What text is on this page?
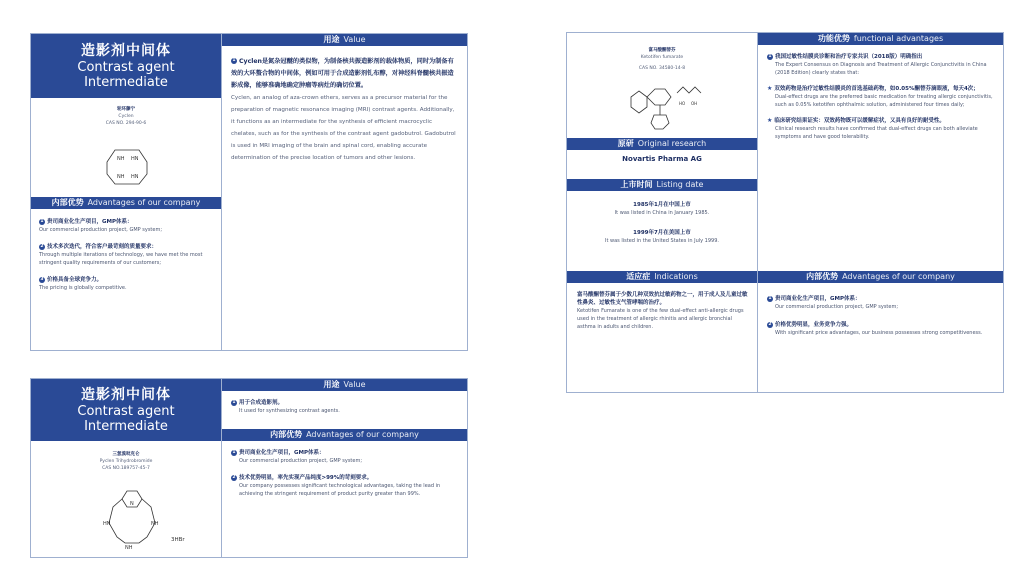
造影剂中间体
Contrast agent
Intermediate
轮环藤宁
Cyclen
CAS NO. 294-90-6
NH HN
NH HN
内部优势 Advantages of our company
1 贵司商业化生产项目，GMP体系：
Our commercial production project, GMP system;
2 技术多次迭代，符合客户最苛刻的质量要求：
Through multiple iterations of technology, we have met the most stringent quality requirements of our customers;
3 价格具备全球竞争力。
The pricing is globally competitive.
用途 Value
1 Cyclen是氮杂冠醚的类似物，为制备核共振造影剂的载体物质，同时为制备有效的大环螯合物的中间体，例如可用于合成造影剂钆布醇，对神经科脊髓核共振造影成像，能够准确地确定肿瘤等病灶的确切位置。
Cyclen, an analog of aza-crown ethers, serves as a precursor material for the preparation of magnetic resonance imaging (MRI) contrast agents. Additionally, it functions as an intermediate for the synthesis of efficient macrocyclic chelates, such as for the synthesis of the contrast agent gadobutrol. Gadobutrol is used in MRI imaging of the brain and spinal cord, enabling accurate determination of the precise location of tumors and other lesions.
造影剂中间体
Contrast agent
Intermediate
三氢溴吡克仑
Pyclen Trihydrobromide
CAS NO.189757-45-7
N
HN	NH
NH
3HBr
用途 Value
1 用于合成造影剂。
It used for synthesizing contrast agents.
内部优势 Advantages of our company
1 贵司商业化生产项目，GMP体系：
Our commercial production project, GMP system;
2 技术优势明显，率先实现产品纯度>99%的苛刻要求。
Our company possesses significant technological advantages, taking the lead in achieving the stringent requirement of product purity greater than 99%.
富马酸酮替芬
Ketotifen fumarate
CAS NO. 34580-14-8
HO OH
原研 Original research
Novartis Pharma AG
上市时间 Listing date
1985年1月在中国上市
It was listed in China in January 1985.
1999年7月在美国上市
It was listed in the United States in July 1999.
功能优势 functional advantages
1 我国过敏性结膜炎诊断和治疗专家共识（2018版）明确指出
The Expert Consensus on Diagnosis and Treatment of Allergic Conjunctivitis in China (2018 Edition) clearly states that:
★ 双效药物是治疗过敏性结膜炎的首选基础药物，如0.05%酮替芬滴眼液，每天4次；
Dual-effect drugs are the preferred basic medication for treating allergic conjunctivitis, such as 0.05% ketotifen ophthalmic solution, administered four times daily;
★ 临床研究结果证实：双效药物既可以缓解症状，又具有良好的耐受性。
Clinical research results have confirmed that dual-effect drugs can both alleviate symptoms and have good tolerability.
适应症 Indications
富马酸酮替芬属于少数几种双效抗过敏药物之一，用于成人及儿童过敏性鼻炎、过敏性支气管哮喘的治疗。
Ketotifen Fumarate is one of the few dual-effect anti-allergic drugs used in the treatment of allergic rhinitis and allergic bronchial asthma in adults and children.
内部优势 Advantages of our company
1 贵司商业化生产项目，GMP体系：
Our commercial production project, GMP system;
2 价格优势明显，业务竞争力强。
With significant price advantages, our business possesses strong competitiveness.
